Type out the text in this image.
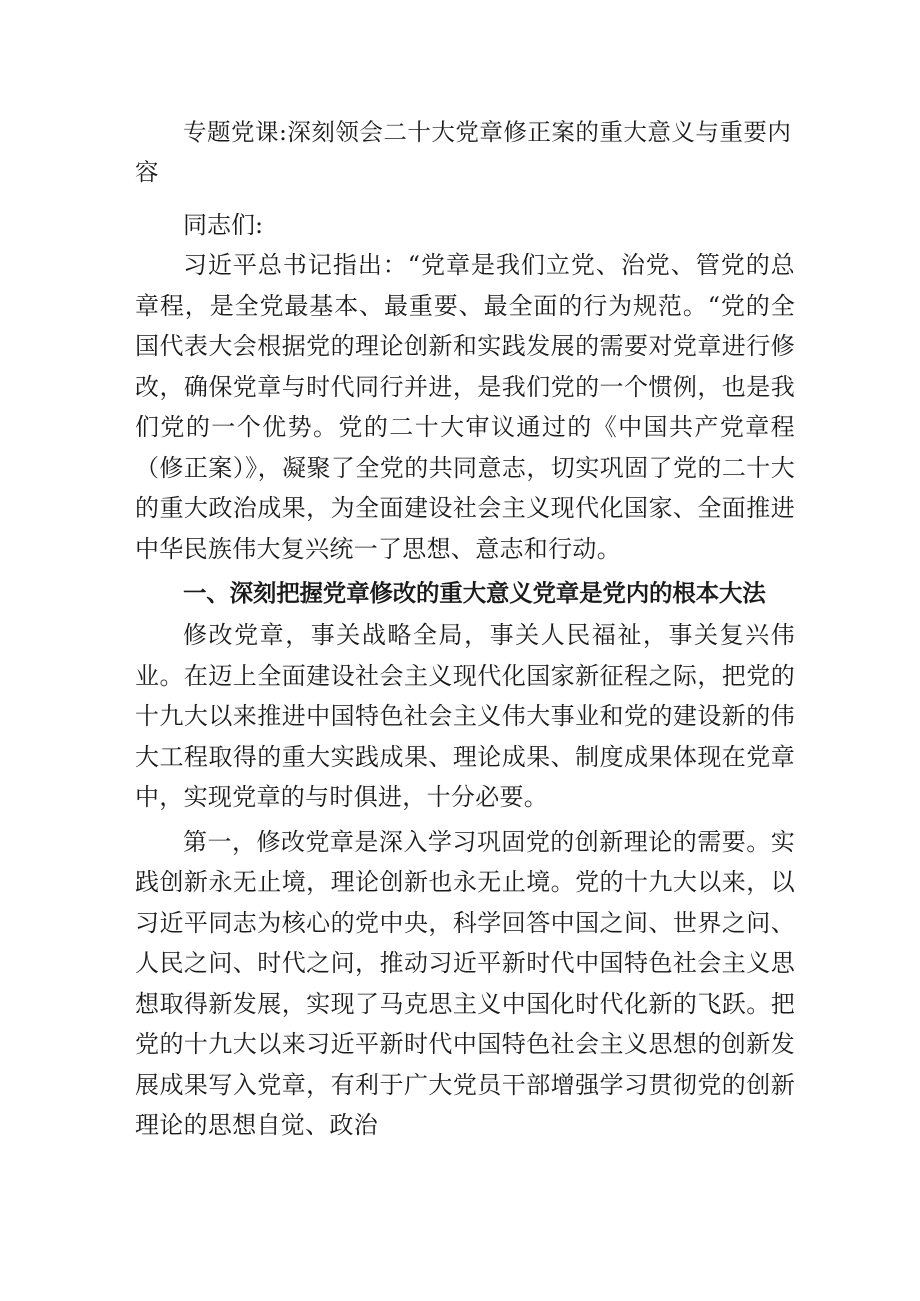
专题党课:深刻领会二十大党章修正案的重大意义与重要内
容

同志们:

习近平总书记指出：“党章是我们立党、治党、管党的总章程，是全党最基本、最重要、最全面的行为规范。“党的全国代表大会根据党的理论创新和实践发展的需要对党章进行修改，确保党章与时代同行并进，是我们党的一个惯例，也是我们党的一个优势。党的二十大审议通过的《中国共产党章程（修正案）》，凝聚了全党的共同意志，切实巩固了党的二十大的重大政治成果，为全面建设社会主义现代化国家、全面推进中华民族伟大复兴统一了思想、意志和行动。

一、深刻把握党章修改的重大意义党章是党内的根本大法

修改党章，事关战略全局，事关人民福祉，事关复兴伟业。在迈上全面建设社会主义现代化国家新征程之际，把党的十九大以来推进中国特色社会主义伟大事业和党的建设新的伟大工程取得的重大实践成果、理论成果、制度成果体现在党章中，实现党章的与时俱进，十分必要。

第一，修改党章是深入学习巩固党的创新理论的需要。实践创新永无止境，理论创新也永无止境。党的十九大以来，以习近平同志为核心的党中央，科学回答中国之间、世界之问、人民之问、时代之问，推动习近平新时代中国特色社会主义思想取得新发展，实现了马克思主义中国化时代化新的飞跃。把党的十九大以来习近平新时代中国特色社会主义思想的创新发展成果写入党章，有利于广大党员干部增强学习贯彻党的创新理论的思想自觉、政治
